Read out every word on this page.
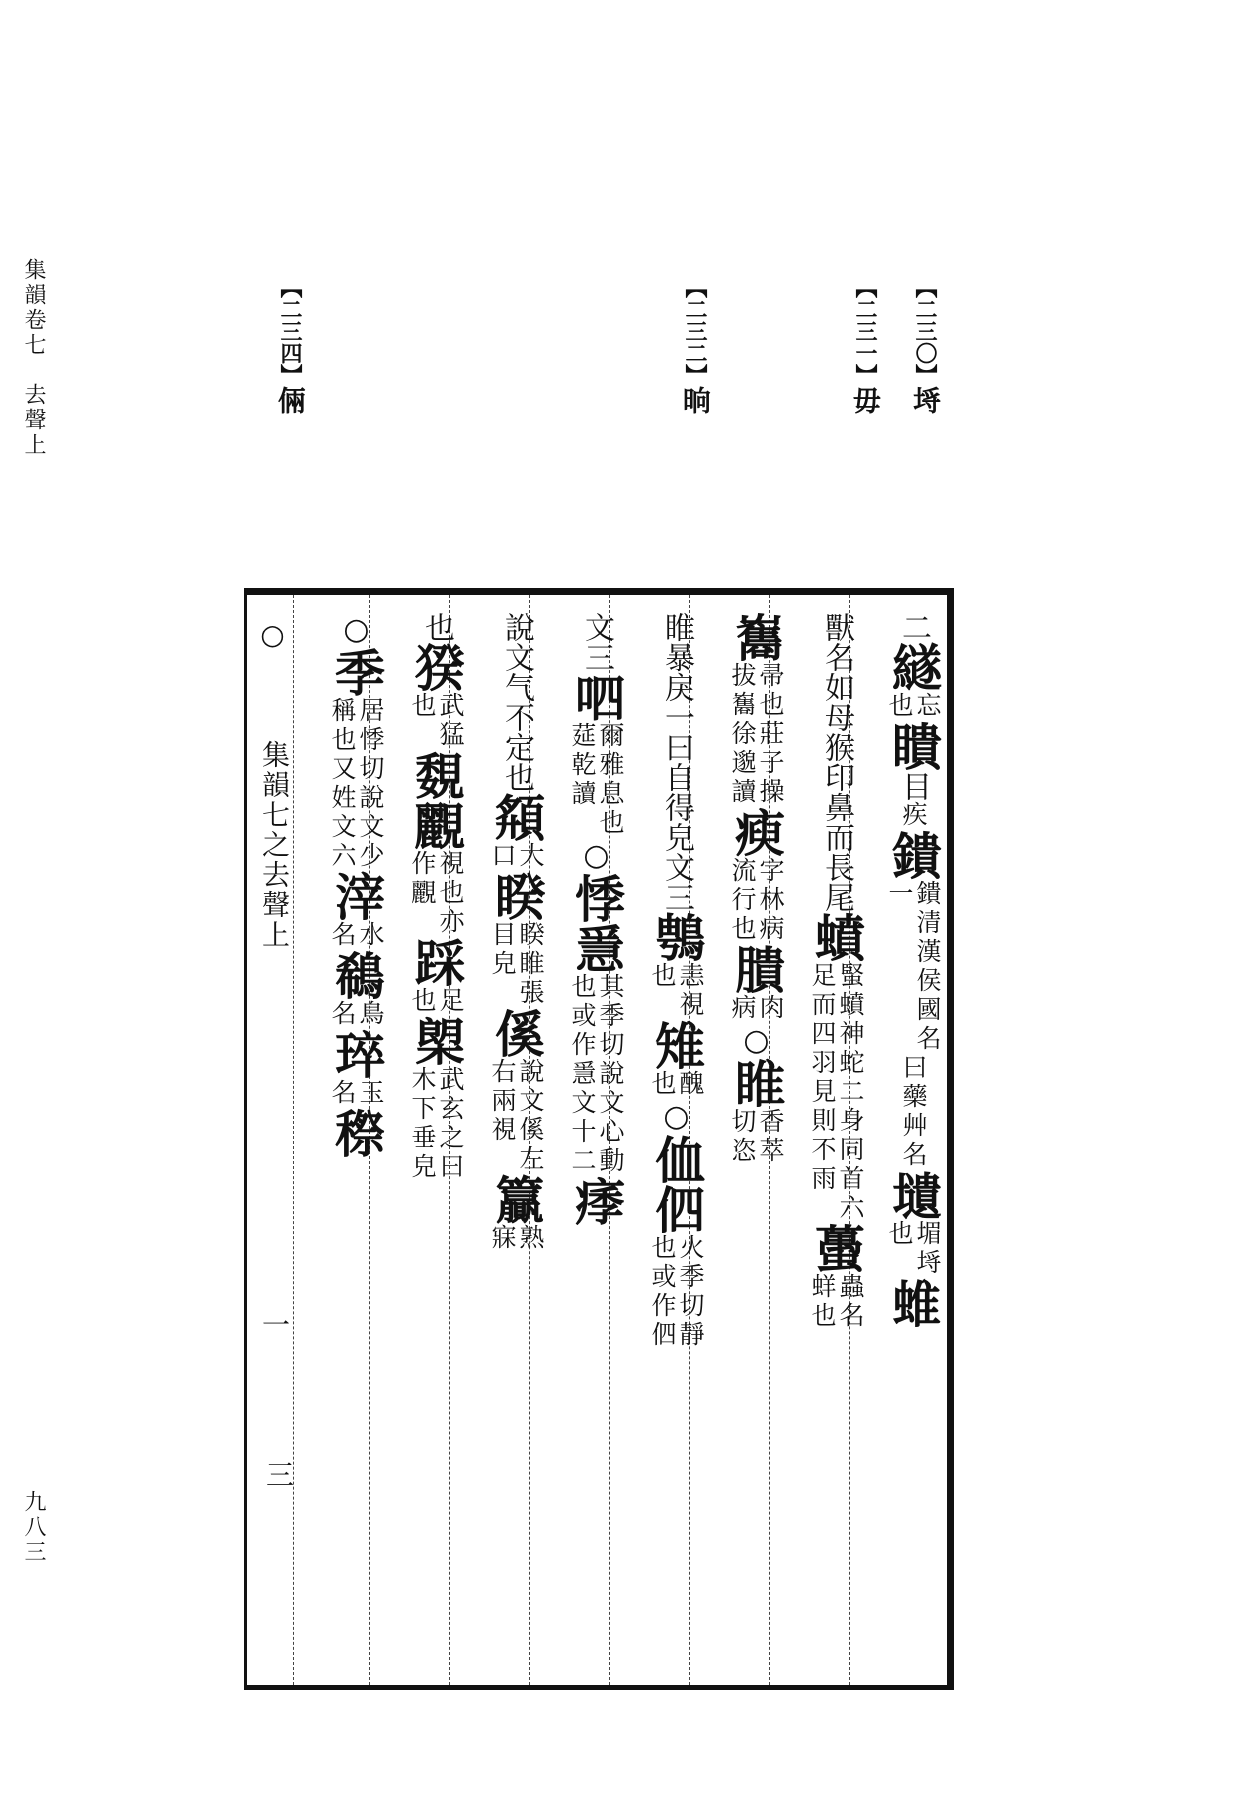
集韻卷七　去聲上
九八三
【二三〇】埓
【二三一】毋
【二三二】晌
【二三四】倆
○
集韻七之去聲上
一
三
二
繸
忘
也
瞶
目
疾
鐀
鐀清漢侯國名
一
曰藥艸名
壝
堳埓
也
蜼
獸名如母猴
印鼻而長尾
蟦
蜸蟦神蛇二身同首六
足而四羽見則不雨
蠆
蟲名
蛘也
雟
帚也莊子操
拔雟徐邈讀
瘐
字林病
流行也
膭
肉
病
○
睢
香萃
切恣
睢暴戾一曰
自得皃文三
䳙
恚視
也
雉
醜
也
○
侐
伵
火季切靜
也或作伵
文
三
呬
爾雅息也
莚乾讀
○
悸
㥯
其季切說文心動
也或作㥯文十二
痵
說文气
不定也
頯
大
口
睽
睽睢張
目皃
傒
說文傒左
右兩視
籯
熟
寐
也
猤
武猛
也
覣
䚕
視也亦
作䚕
踩
足
也
㮾
武玄之曰
木下垂皃
○
季
居悸切說文少
稱也又姓文六
滓
水
名
鵗
鳥
名
琗
玉
名
穄
